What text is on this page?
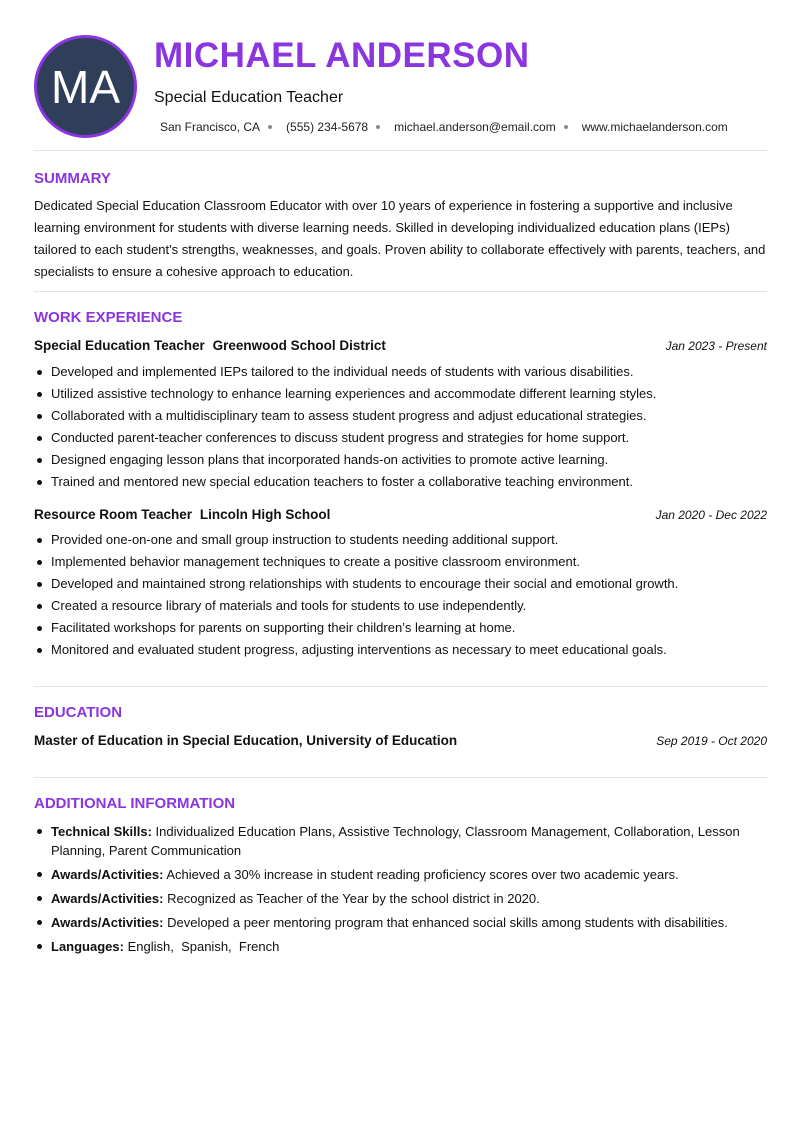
MA
MICHAEL ANDERSON
Special Education Teacher
San Francisco, CA (555) 234-5678 michael.anderson@email.com www.michaelanderson.com
SUMMARY

Dedicated Special Education Classroom Educator with over 10 years of experience in fostering a supportive and inclusive learning environment for students with diverse learning needs. Skilled in developing individualized education plans (IEPs) tailored to each student's strengths, weaknesses, and goals. Proven ability to collaborate effectively with parents, teachers, and specialists to ensure a cohesive approach to education.

WORK EXPERIENCE
Special Education Teacher Greenwood School District	Jan 2023 - Present
Developed and implemented IEPs tailored to the individual needs of students with various disabilities.
Utilized assistive technology to enhance learning experiences and accommodate different learning styles.
Collaborated with a multidisciplinary team to assess student progress and adjust educational strategies.
Conducted parent-teacher conferences to discuss student progress and strategies for home support.
Designed engaging lesson plans that incorporated hands-on activities to promote active learning.
Trained and mentored new special education teachers to foster a collaborative teaching environment.
Resource Room Teacher Lincoln High School	Jan 2020 - Dec 2022
Provided one-on-one and small group instruction to students needing additional support.
Implemented behavior management techniques to create a positive classroom environment.
Developed and maintained strong relationships with students to encourage their social and emotional growth.
Created a resource library of materials and tools for students to use independently.
Facilitated workshops for parents on supporting their children’s learning at home.
Monitored and evaluated student progress, adjusting interventions as necessary to meet educational goals.
EDUCATION
Master of Education in Special Education, University of Education	Sep 2019 - Oct 2020
ADDITIONAL INFORMATION
Technical Skills: Individualized Education Plans, Assistive Technology, Classroom Management, Collaboration, Lesson Planning, Parent Communication
Awards/Activities: Achieved a 30% increase in student reading proficiency scores over two academic years.
Awards/Activities: Recognized as Teacher of the Year by the school district in 2020.
Awards/Activities: Developed a peer mentoring program that enhanced social skills among students with disabilities.
Languages: English,  Spanish,  French
